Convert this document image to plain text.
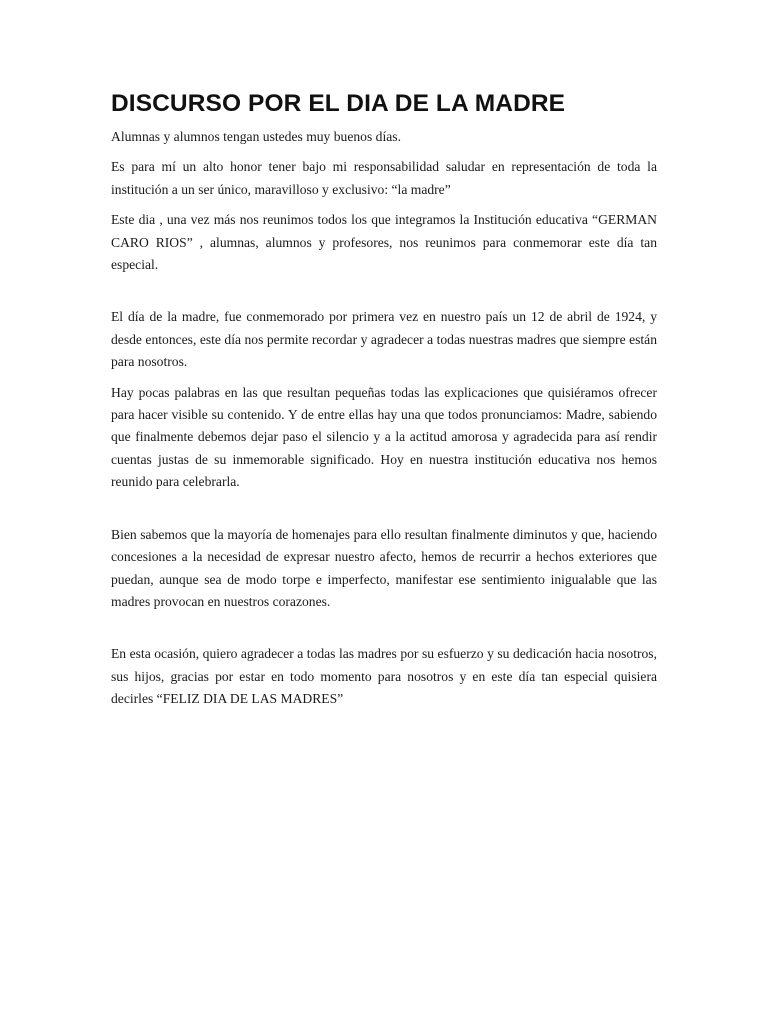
DISCURSO POR EL DIA DE LA MADRE

Alumnas y alumnos tengan ustedes muy buenos días.

Es para mí un alto honor tener bajo mi responsabilidad saludar en representación de toda la institución a un ser único, maravilloso y exclusivo: “la madre”

Este dia , una vez más nos reunimos todos los que integramos la Institución educativa “GERMAN CARO RIOS” , alumnas, alumnos y profesores, nos reunimos para conmemorar este día tan especial.

El día de la madre, fue conmemorado por primera vez en nuestro país un 12 de abril de 1924, y desde entonces, este día nos permite recordar y agradecer a todas nuestras madres que siempre están para nosotros.

Hay pocas palabras en las que resultan pequeñas todas las explicaciones que quisiéramos ofrecer para hacer visible su contenido. Y de entre ellas hay una que todos pronunciamos: Madre, sabiendo que finalmente debemos dejar paso el silencio y a la actitud amorosa y agradecida para así rendir cuentas justas de su inmemorable significado. Hoy en nuestra institución educativa nos hemos reunido para celebrarla.

Bien sabemos que la mayoría de homenajes para ello resultan finalmente diminutos y que, haciendo concesiones a la necesidad de expresar nuestro afecto, hemos de recurrir a hechos exteriores que puedan, aunque sea de modo torpe e imperfecto, manifestar ese sentimiento inigualable que las madres provocan en nuestros corazones.

En esta ocasión, quiero agradecer a todas las madres por su esfuerzo y su dedicación hacia nosotros, sus hijos, gracias por estar en todo momento para nosotros y en este día tan especial quisiera decirles “FELIZ DIA DE LAS MADRES”
